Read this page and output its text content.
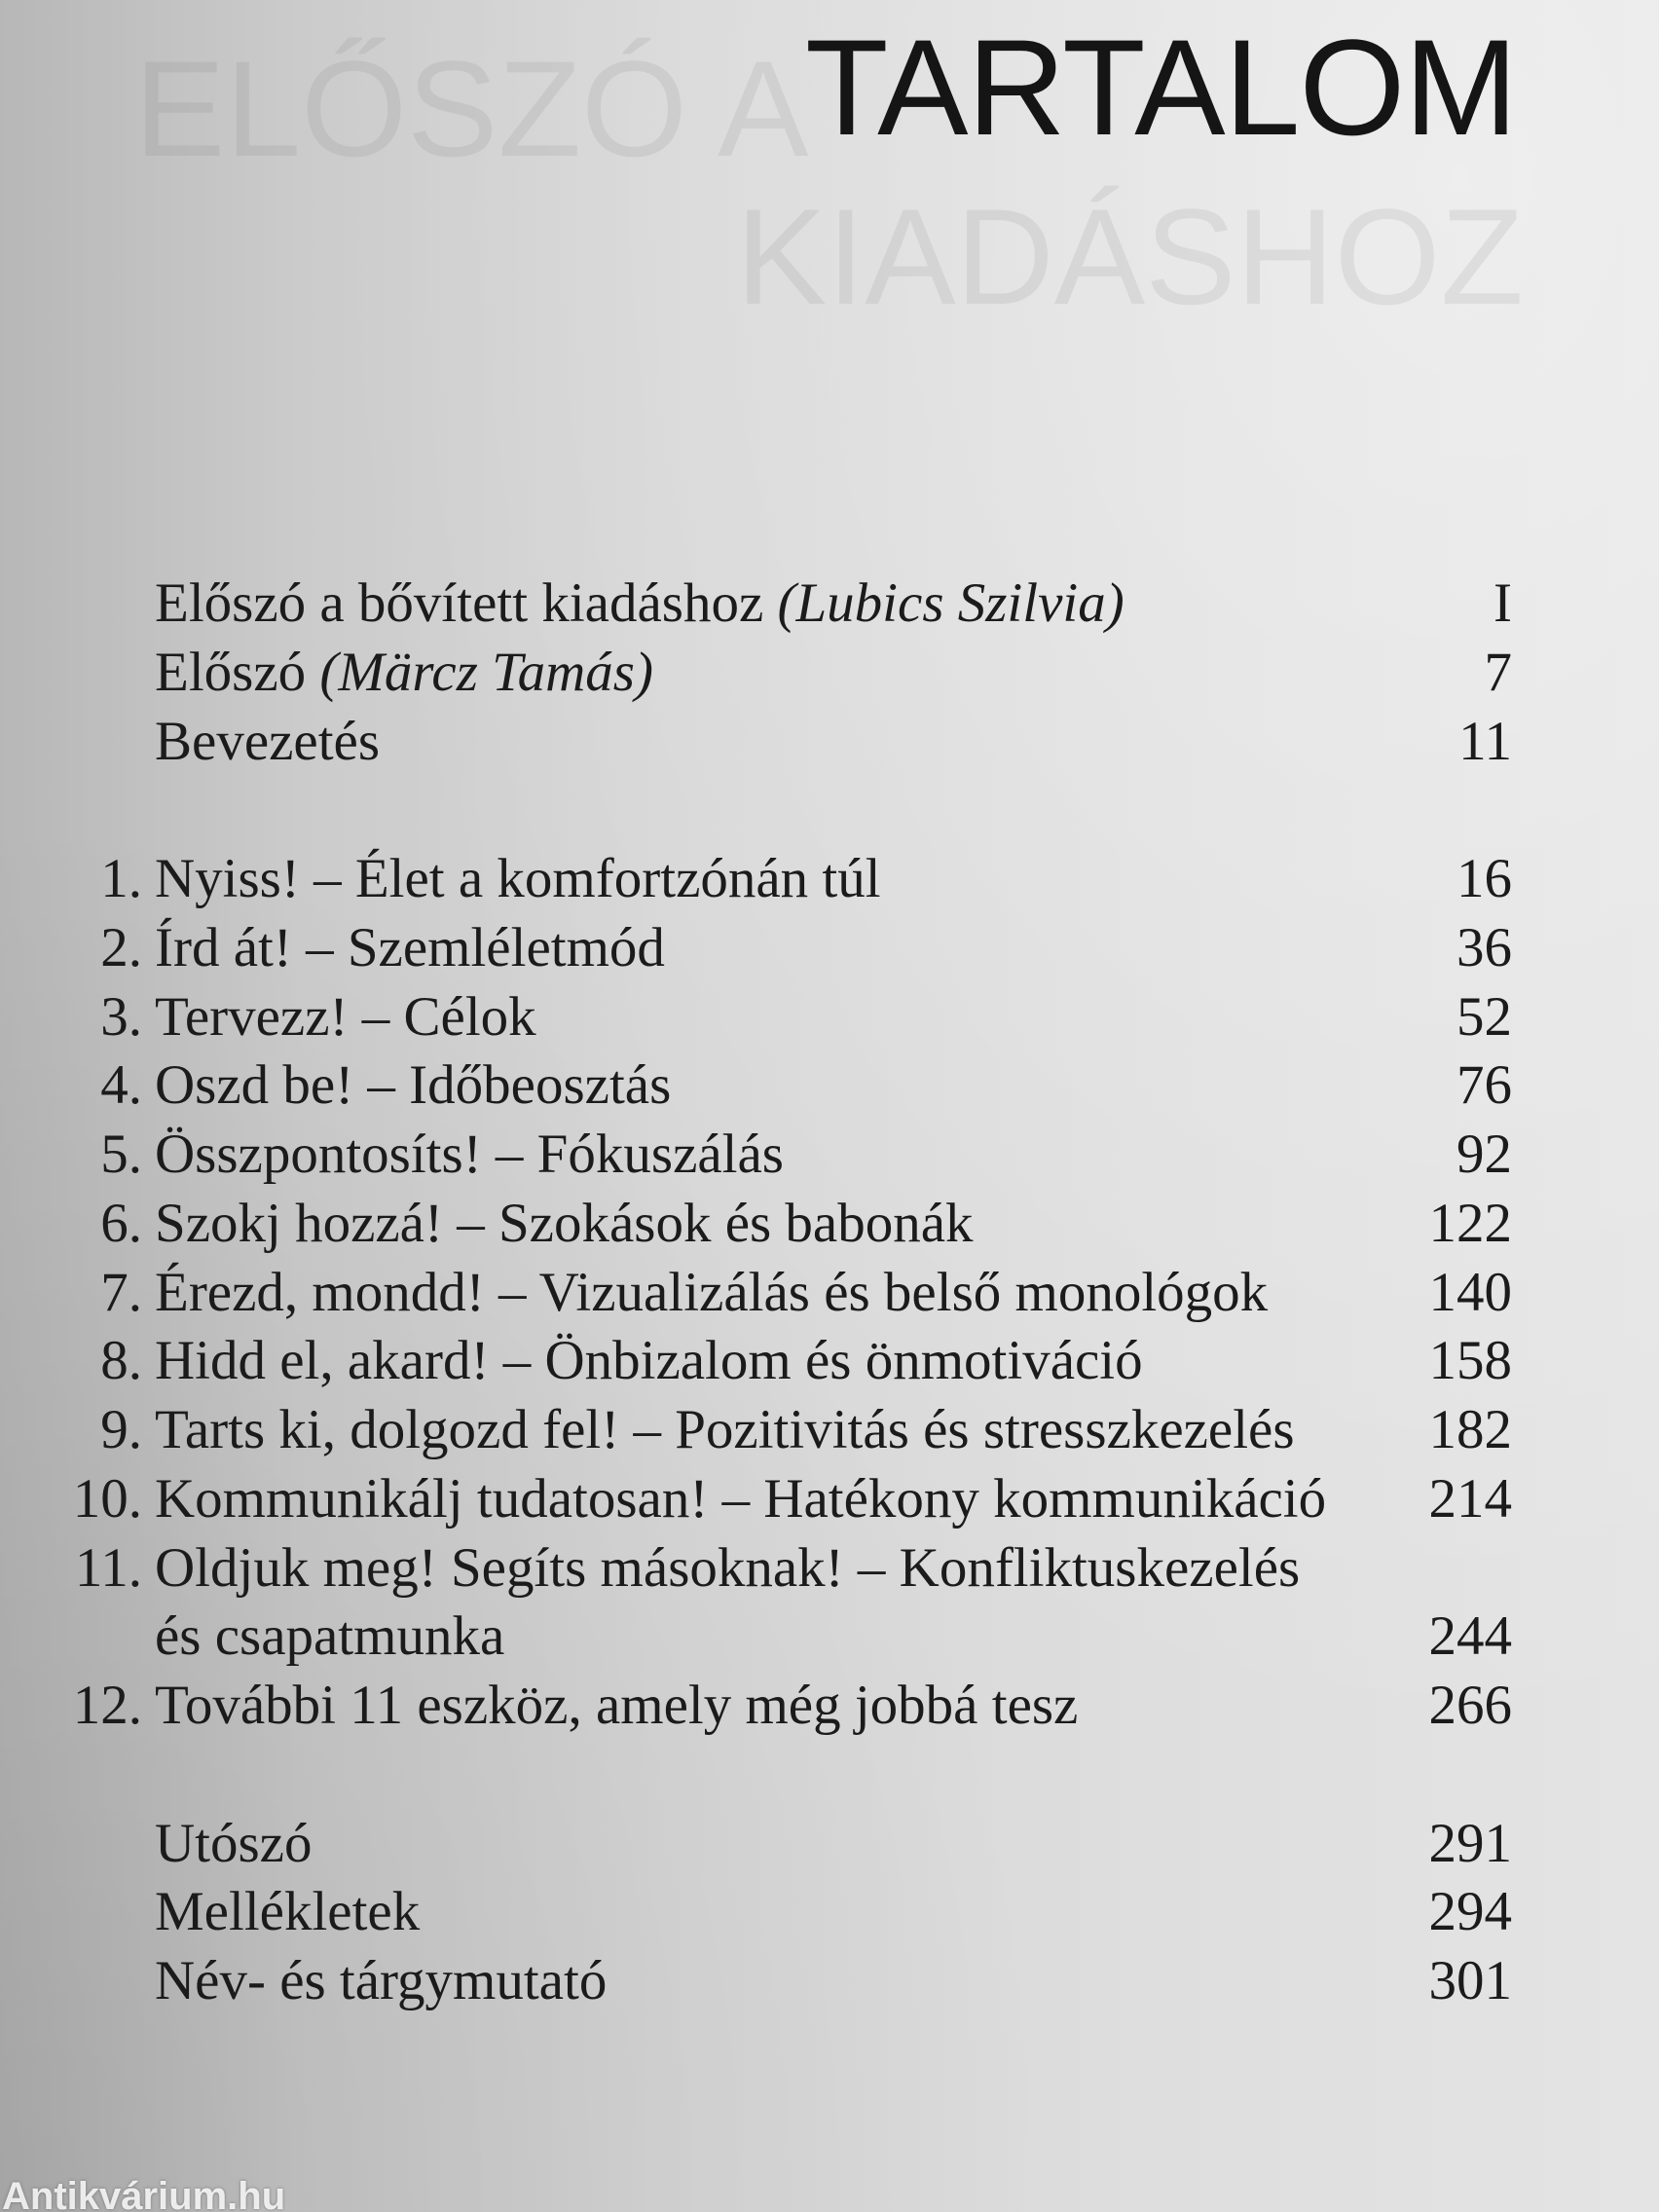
ELŐSZÓ A
KIADÁSHOZ
TARTALOM
Előszó a bővített kiadáshoz (Lubics Szilvia)	I
Előszó (Märcz Tamás)	7
Bevezetés	11
1. Nyiss! – Élet a komfortzónán túl	16
2. Írd át! – Szemléletmód	36
3. Tervezz! – Célok	52
4. Oszd be! – Időbeosztás	76
5. Összpontosíts! – Fókuszálás	92
6. Szokj hozzá! – Szokások és babonák	122
7. Érezd, mondd! – Vizualizálás és belső monológok	140
8. Hidd el, akard! – Önbizalom és önmotiváció	158
9. Tarts ki, dolgozd fel! – Pozitivitás és stresszkezelés 182
10. Kommunikálj tudatosan! – Hatékony kommunikáció 214
11. Oldjuk meg! Segíts másoknak! – Konfliktuskezelés
és csapatmunka	244
12. További 11 eszköz, amely még jobbá tesz	266
Utószó	291
Mellékletek	294
Név- és tárgymutató	301
Antikvárium.hu
